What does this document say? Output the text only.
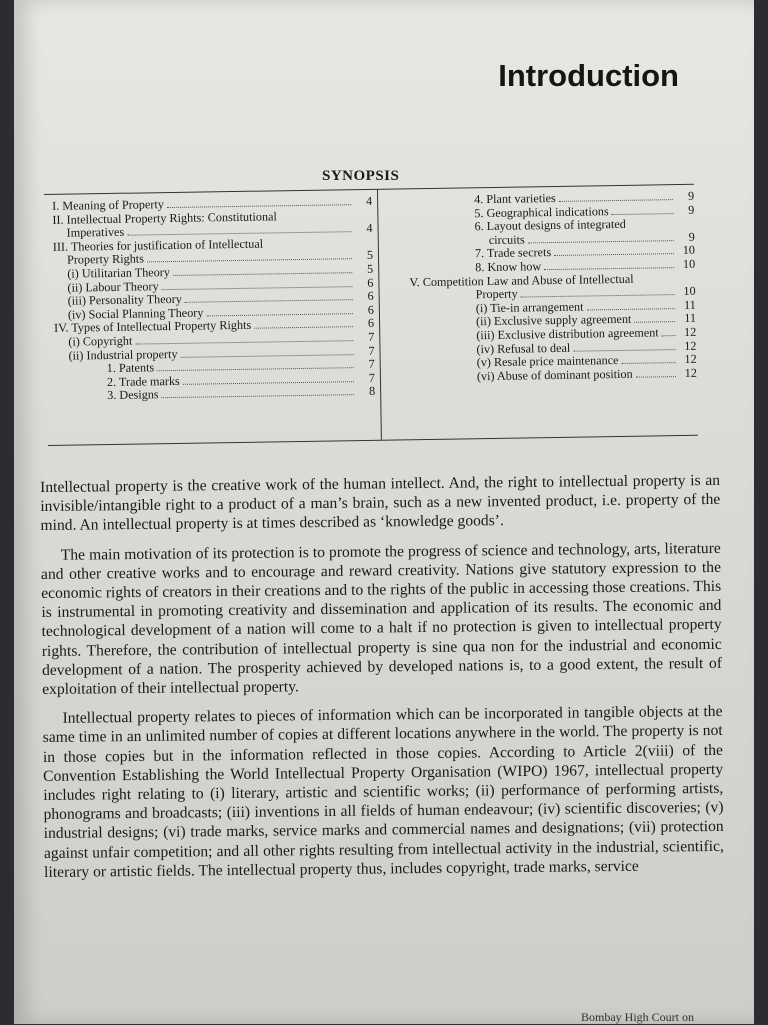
Introduction
SYNOPSIS
I. Meaning of Property	4
II. Intellectual Property Rights: Constitutional
Imperatives	4
III. Theories for justification of Intellectual
Property Rights	5
(i) Utilitarian Theory	5
(ii) Labour Theory	6
(iii) Personality Theory	6
(iv) Social Planning Theory	6
IV. Types of Intellectual Property Rights	6
(i) Copyright	7
(ii) Industrial property	7
1. Patents	7
2. Trade marks	7
3. Designs	8
4. Plant varieties	9
5. Geographical indications	9
6. Layout designs of integrated
circuits	9
7. Trade secrets	10
8. Know how	10
V. Competition Law and Abuse of Intellectual
Property	10
(i) Tie-in arrangement	11
(ii) Exclusive supply agreement	11
(iii) Exclusive distribution agreement	12
(iv) Refusal to deal	12
(v) Resale price maintenance	12
(vi) Abuse of dominant position	12

Intellectual property is the creative work of the human intellect. And, the right to intellectual property is an invisible/intangible right to a product of a man’s brain, such as a new invented product, i.e. property of the mind. An intellectual property is at times described as ‘knowledge goods’.

The main motivation of its protection is to promote the progress of science and technology, arts, literature and other creative works and to encourage and reward creativity. Nations give statutory expression to the economic rights of creators in their creations and to the rights of the public in accessing those creations. This is instrumental in promoting creativity and dissemination and application of its results. The economic and technological development of a nation will come to a halt if no protection is given to intellectual property rights. Therefore, the contribution of intellectual property is sine qua non for the industrial and economic development of a nation. The prosperity achieved by developed nations is, to a good extent, the result of exploitation of their intellectual property.

Intellectual property relates to pieces of information which can be incorporated in tangible objects at the same time in an unlimited number of copies at different locations anywhere in the world. The property is not in those copies but in the information reflected in those copies. According to Article 2(viii) of the Convention Establishing the World Intellectual Property Organisation (WIPO) 1967, intellectual property includes right relating to (i) literary, artistic and scientific works; (ii) performance of performing artists, phonograms and broadcasts; (iii) inventions in all fields of human endeavour; (iv) scientific discoveries; (v) industrial designs; (vi) trade marks, service marks and commercial names and designations; (vii) protection against unfair competition; and all other rights resulting from intellectual activity in the industrial, scientific, literary or artistic fields. The intellectual property thus, includes copyright, trade marks, service

Bombay High Court on
